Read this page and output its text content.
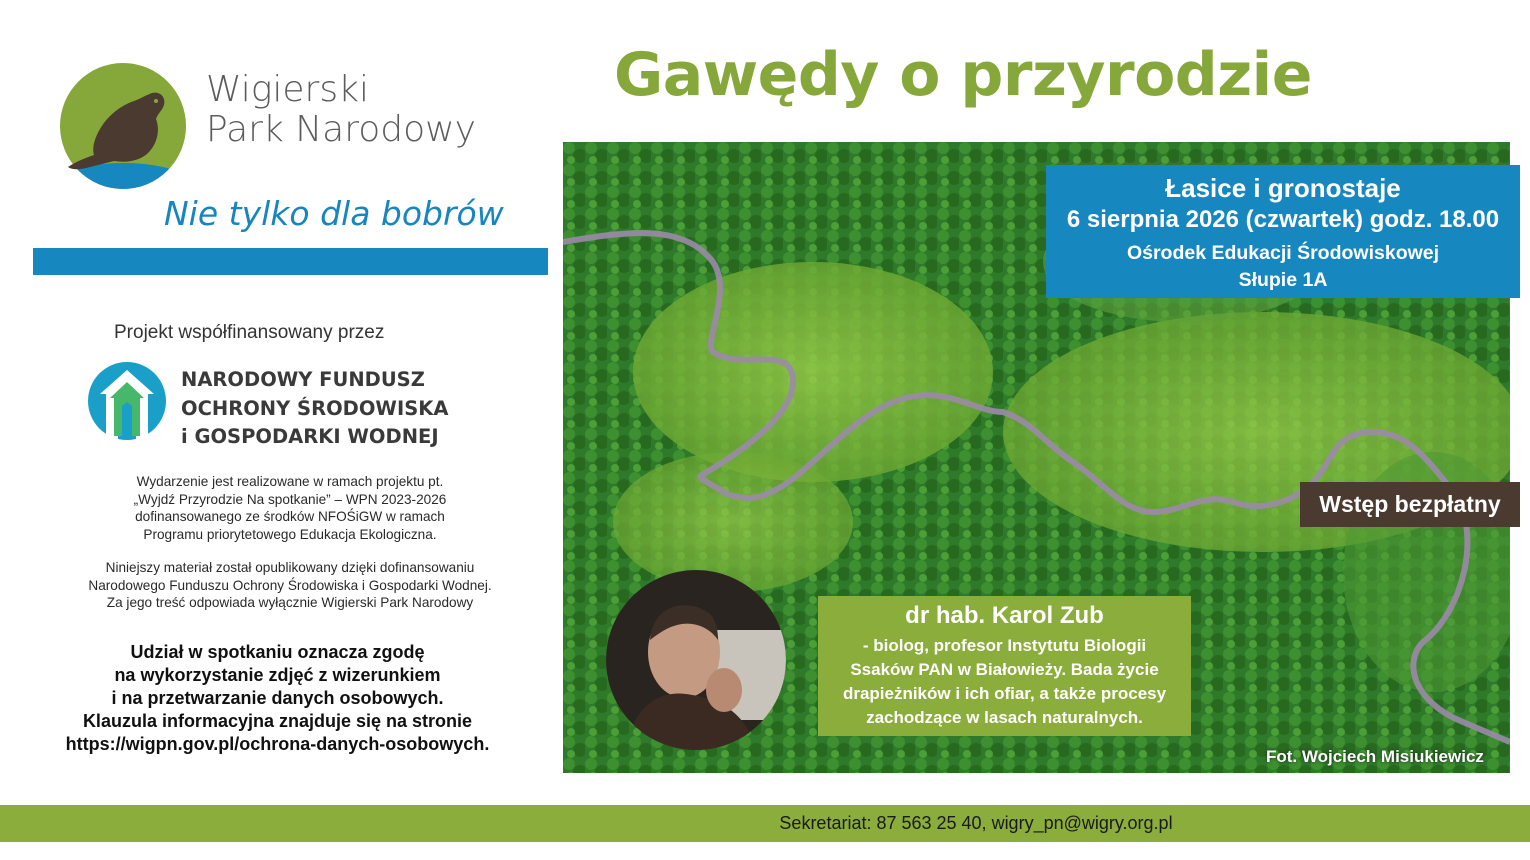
Wigierski
Park Narodowy
Nie tylko dla bobrów
Projekt współfinansowany przez
NARODOWY FUNDUSZ
OCHRONY ŚRODOWISKA
i GOSPODARKI WODNEJ
Wydarzenie jest realizowane w ramach projektu pt.
„Wyjdź Przyrodzie Na spotkanie” – WPN 2023-2026
dofinansowanego ze środków NFOŚiGW w ramach
Programu priorytetowego Edukacja Ekologiczna.
Niniejszy materiał został opublikowany dzięki dofinansowaniu
Narodowego Funduszu Ochrony Środowiska i Gospodarki Wodnej.
Za jego treść odpowiada wyłącznie Wigierski Park Narodowy
Udział w spotkaniu oznacza zgodę
na wykorzystanie zdjęć z wizerunkiem
i na przetwarzanie danych osobowych.
Klauzula informacyjna znajduje się na stronie
https://wigpn.gov.pl/ochrona-danych-osobowych.
Gawędy o przyrodzie
Łasice i gronostaje
6 sierpnia 2026 (czwartek) godz. 18.00
Ośrodek Edukacji Środowiskowej
Słupie 1A
Wstęp bezpłatny
dr hab. Karol Zub
- biolog, profesor Instytutu Biologii
Ssaków PAN w Białowieży. Bada życie
drapieżników i ich ofiar, a także procesy
zachodzące w lasach naturalnych.
Fot. Wojciech Misiukiewicz
Sekretariat: 87 563 25 40, wigry_pn@wigry.org.pl
